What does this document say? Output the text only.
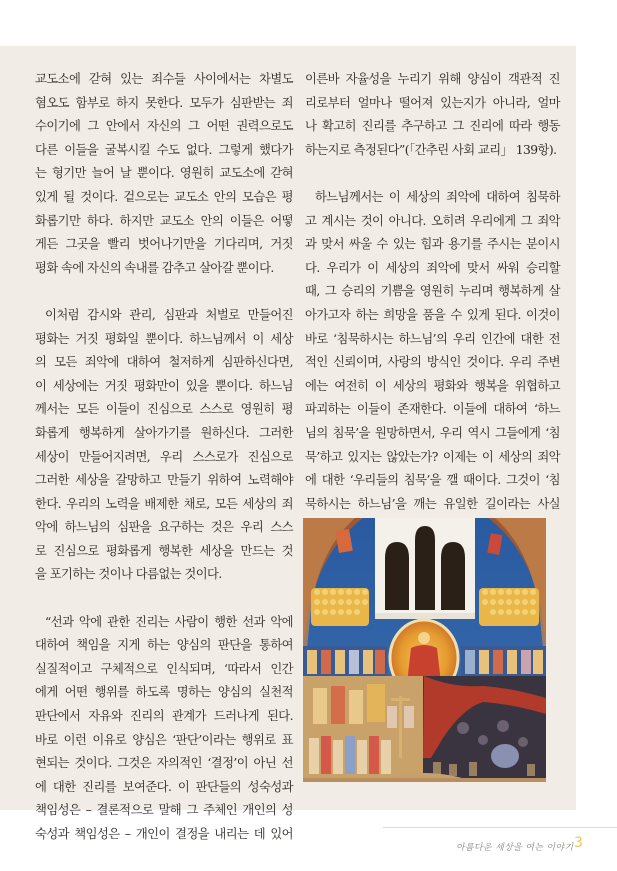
교도소에 갇혀 있는 죄수들 사이에서는 차별도
혐오도 함부로 하지 못한다. 모두가 심판받는 죄
수이기에 그 안에서 자신의 그 어떤 권력으로도
다른 이들을 굴복시킬 수도 없다. 그렇게 했다가
는 형기만 늘어 날 뿐이다. 영원히 교도소에 갇혀
있게 될 것이다. 겉으로는 교도소 안의 모습은 평
화롭기만 하다. 하지만 교도소 안의 이들은 어떻
게든 그곳을 빨리 벗어나기만을 기다리며, 거짓
평화 속에 자신의 속내를 감추고 살아갈 뿐이다.

이처럼 감시와 관리, 심판과 처벌로 만들어진
평화는 거짓 평화일 뿐이다. 하느님께서 이 세상
의 모든 죄악에 대하여 철저하게 심판하신다면,
이 세상에는 거짓 평화만이 있을 뿐이다. 하느님
께서는 모든 이들이 진심으로 스스로 영원히 평
화롭게 행복하게 살아가기를 원하신다. 그러한
세상이 만들어지려면, 우리 스스로가 진심으로
그러한 세상을 갈망하고 만들기 위하여 노력해야
한다. 우리의 노력을 배제한 채로, 모든 세상의 죄
악에 하느님의 심판을 요구하는 것은 우리 스스
로 진심으로 평화롭게 행복한 세상을 만드는 것
을 포기하는 것이나 다름없는 것이다.

“선과 악에 관한 진리는 사람이 행한 선과 악에
대하여 책임을 지게 하는 양심의 판단을 통하여
실질적이고 구체적으로 인식되며, ‘따라서 인간
에게 어떤 행위를 하도록 명하는 양심의 실천적
판단에서 자유와 진리의 관계가 드러나게 된다.
바로 이런 이유로 양심은 ‘판단’이라는 행위로 표
현되는 것이다. 그것은 자의적인 ‘결정’이 아닌 선
에 대한 진리를 보여준다. 이 판단들의 성숙성과
책임성은 – 결론적으로 말해 그 주체인 개인의 성
숙성과 책임성은 – 개인이 결정을 내리는 데 있어

이른바 자율성을 누리기 위해 양심이 객관적 진
리로부터 얼마나 떨어져 있는지가 아니라, 얼마
나 확고히 진리를 추구하고 그 진리에 따라 행동
하는지로 측정된다”(「간추린 사회 교리」 139항).

하느님께서는 이 세상의 죄악에 대하여 침묵하
고 계시는 것이 아니다. 오히려 우리에게 그 죄악
과 맞서 싸울 수 있는 힘과 용기를 주시는 분이시
다. 우리가 이 세상의 죄악에 맞서 싸워 승리할
때, 그 승리의 기쁨을 영원히 누리며 행복하게 살
아가고자 하는 희망을 품을 수 있게 된다. 이것이
바로 ‘침묵하시는 하느님’의 우리 인간에 대한 전
적인 신뢰이며, 사랑의 방식인 것이다. 우리 주변
에는 여전히 이 세상의 평화와 행복을 위협하고
파괴하는 이들이 존재한다. 이들에 대하여 ‘하느
님의 침묵’을 원망하면서, 우리 역시 그들에게 ‘침
묵’하고 있지는 않았는가? 이제는 이 세상의 죄악
에 대한 ‘우리들의 침묵’을 깰 때이다. 그것이 ‘침
묵하시는 하느님’을 깨는 유일한 길이라는 사실

아름다운 세상을 여는 이야기 3
